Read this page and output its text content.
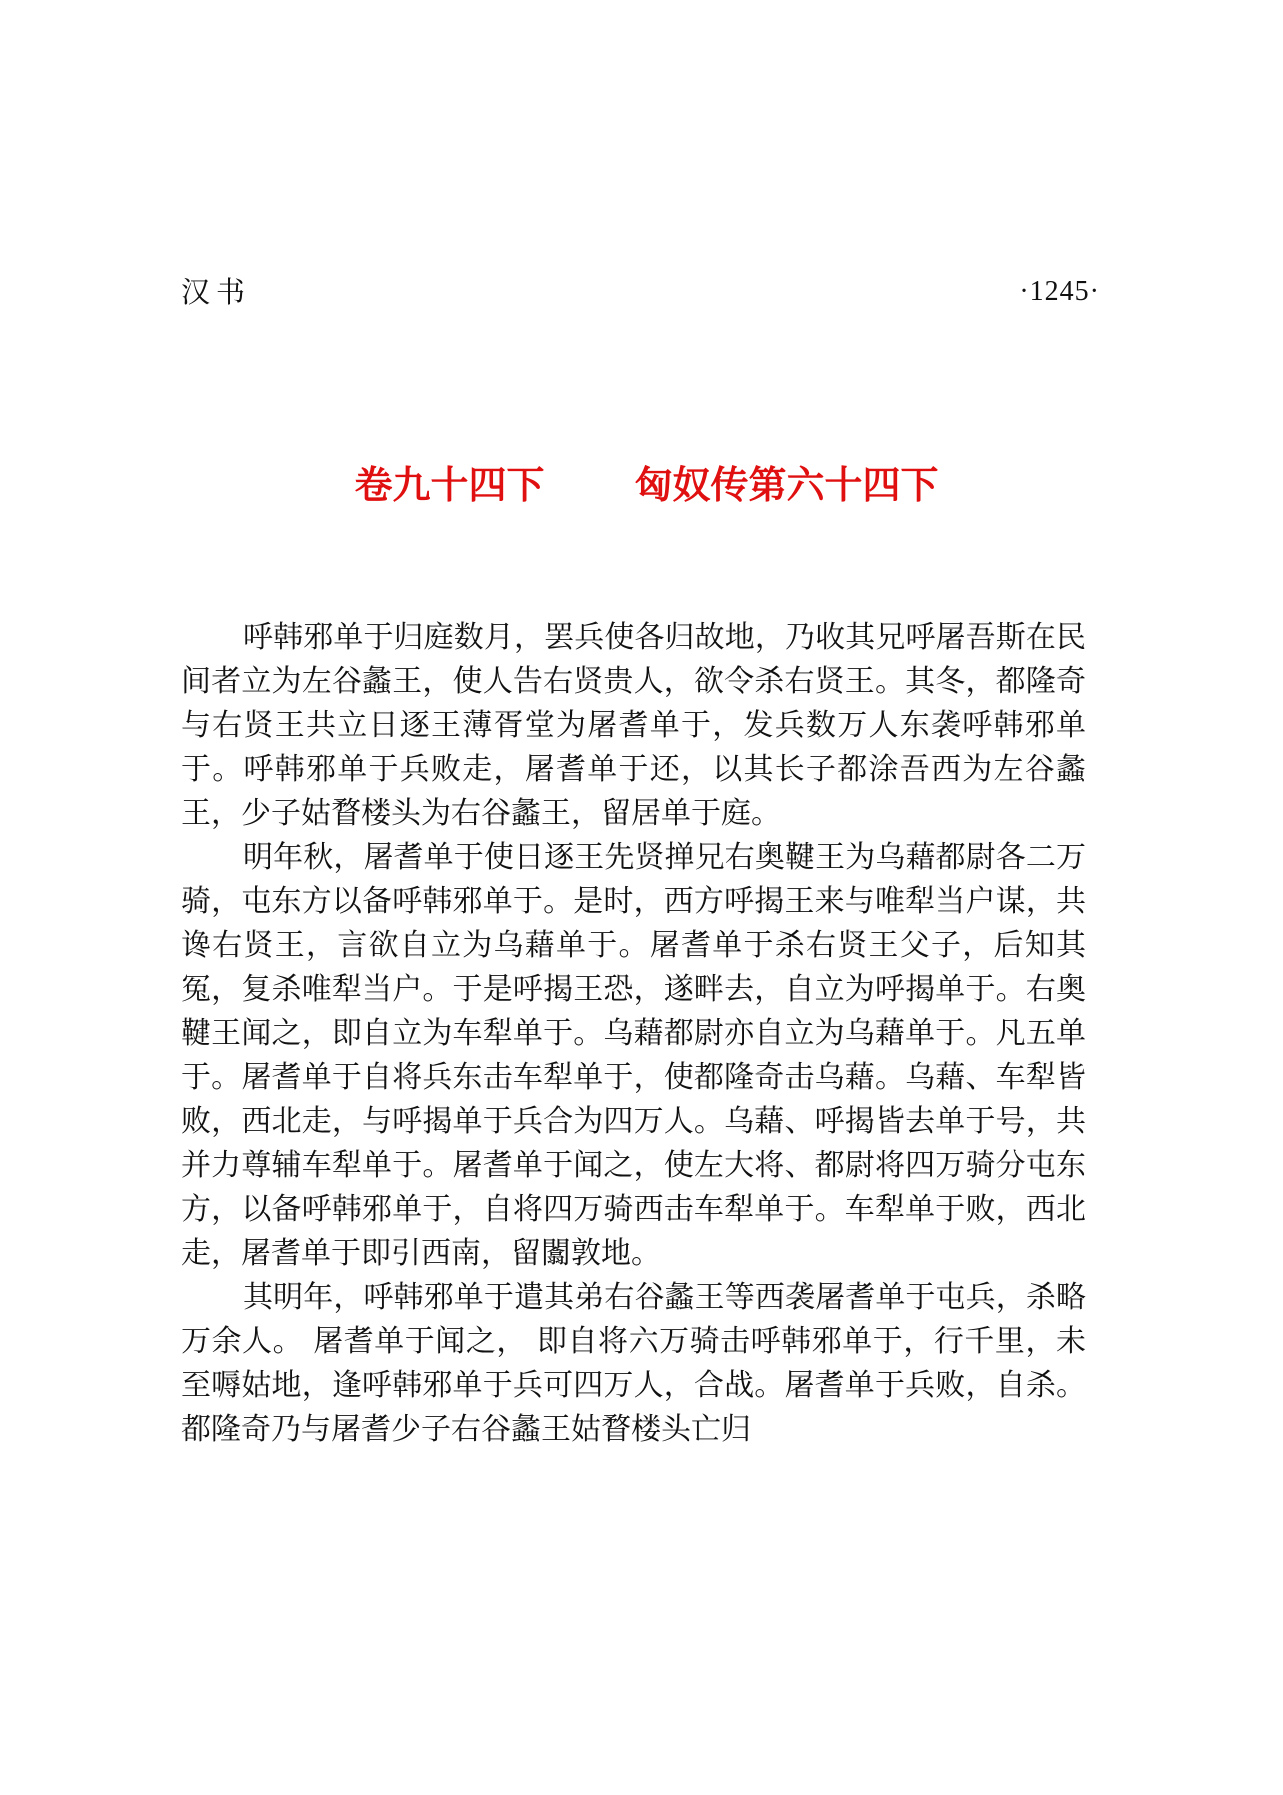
汉书	·1245·
卷九十四下 匈奴传第六十四下

呼韩邪单于归庭数月，罢兵使各归故地，乃收其兄呼屠吾斯在民间者立为左谷蠡王，使人告右贤贵人，欲令杀右贤王。其冬，都隆奇与右贤王共立日逐王薄胥堂为屠耆单于，发兵数万人东袭呼韩邪单于。呼韩邪单于兵败走，屠耆单于还，以其长子都涂吾西为左谷蠡王，少子姑瞀楼头为右谷蠡王，留居单于庭。

明年秋，屠耆单于使日逐王先贤掸兄右奥鞬王为乌藉都尉各二万骑，屯东方以备呼韩邪单于。是时，西方呼揭王来与唯犁当户谋，共谗右贤王，言欲自立为乌藉单于。屠耆单于杀右贤王父子，后知其冤，复杀唯犁当户。于是呼揭王恐，遂畔去，自立为呼揭单于。右奥鞬王闻之，即自立为车犁单于。乌藉都尉亦自立为乌藉单于。凡五单于。屠耆单于自将兵东击车犁单于，使都隆奇击乌藉。乌藉、车犁皆败，西北走，与呼揭单于兵合为四万人。乌藉、呼揭皆去单于号，共并力尊辅车犁单于。屠耆单于闻之，使左大将、都尉将四万骑分屯东方，以备呼韩邪单于，自将四万骑西击车犁单于。车犁单于败，西北走，屠耆单于即引西南，留闟敦地。

其明年，呼韩邪单于遣其弟右谷蠡王等西袭屠耆单于屯兵，杀略万余人。 屠耆单于闻之， 即自将六万骑击呼韩邪单于，行千里，未至嗕姑地，逢呼韩邪单于兵可四万人，合战。屠耆单于兵败，自杀。都隆奇乃与屠耆少子右谷蠡王姑瞀楼头亡归
